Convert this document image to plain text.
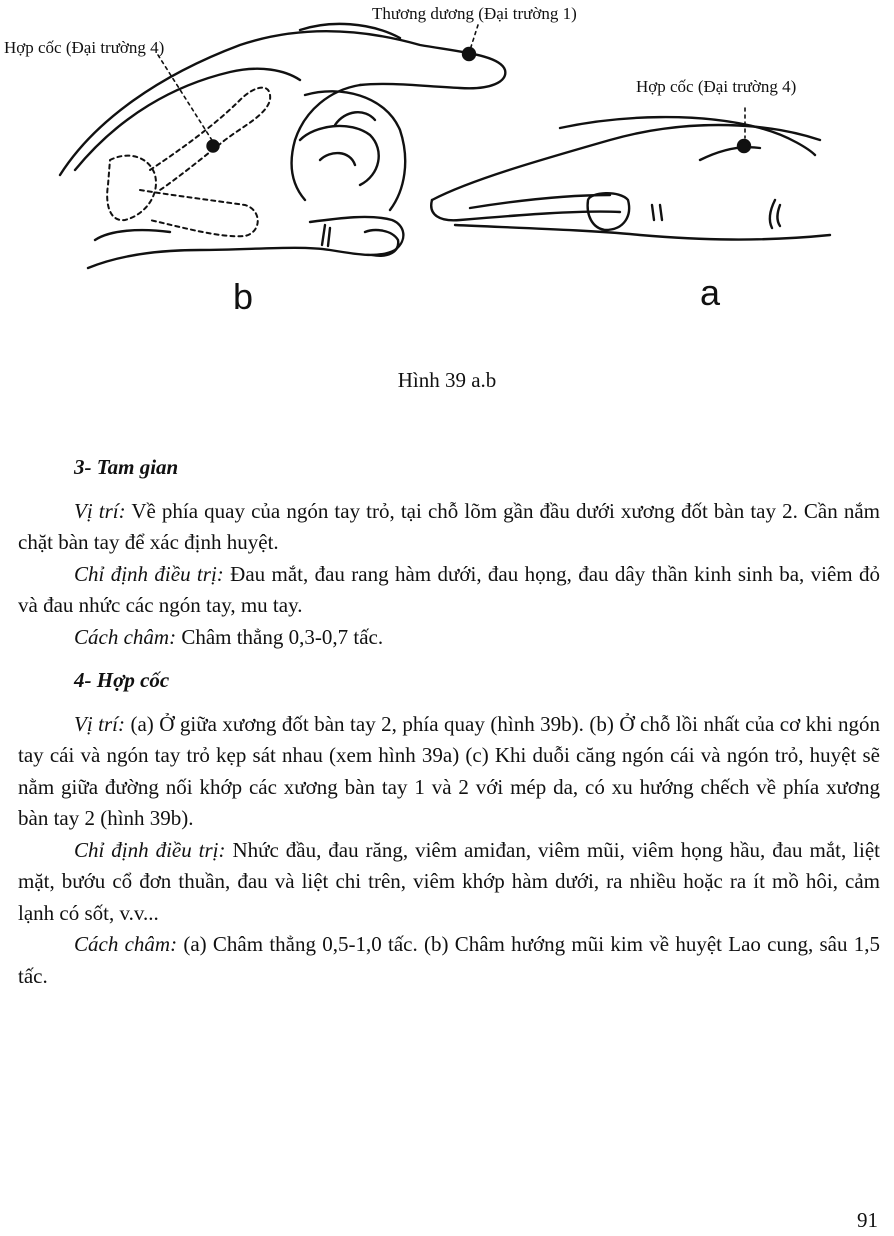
Thương dương (Đại trường 1)
Hợp cốc (Đại trường 4)
Hợp cốc (Đại trường 4)
b	a
Hình 39 a.b

3- Tam gian

Vị trí: Về phía quay của ngón tay trỏ, tại chỗ lõm gần đầu dưới xương đốt bàn tay 2. Cần nắm chặt bàn tay để xác định huyệt.

Chỉ định điều trị: Đau mắt, đau rang hàm dưới, đau họng, đau dây thần kinh sinh ba, viêm đỏ và đau nhức các ngón tay, mu tay.

Cách châm: Châm thẳng 0,3-0,7 tấc.

4- Hợp cốc

Vị trí: (a) Ở giữa xương đốt bàn tay 2, phía quay (hình 39b). (b) Ở chỗ lồi nhất của cơ khi ngón tay cái và ngón tay trỏ kẹp sát nhau (xem hình 39a) (c) Khi duỗi căng ngón cái và ngón trỏ, huyệt sẽ nằm giữa đường nối khớp các xương bàn tay 1 và 2 với mép da, có xu hướng chếch về phía xương bàn tay 2 (hình 39b).

Chỉ định điều trị: Nhức đầu, đau răng, viêm amiđan, viêm mũi, viêm họng hầu, đau mắt, liệt mặt, bướu cổ đơn thuần, đau và liệt chi trên, viêm khớp hàm dưới, ra nhiều hoặc ra ít mồ hôi, cảm lạnh có sốt, v.v...

Cách châm: (a) Châm thẳng 0,5-1,0 tấc. (b) Châm hướng mũi kim về huyệt Lao cung, sâu 1,5 tấc.

91
